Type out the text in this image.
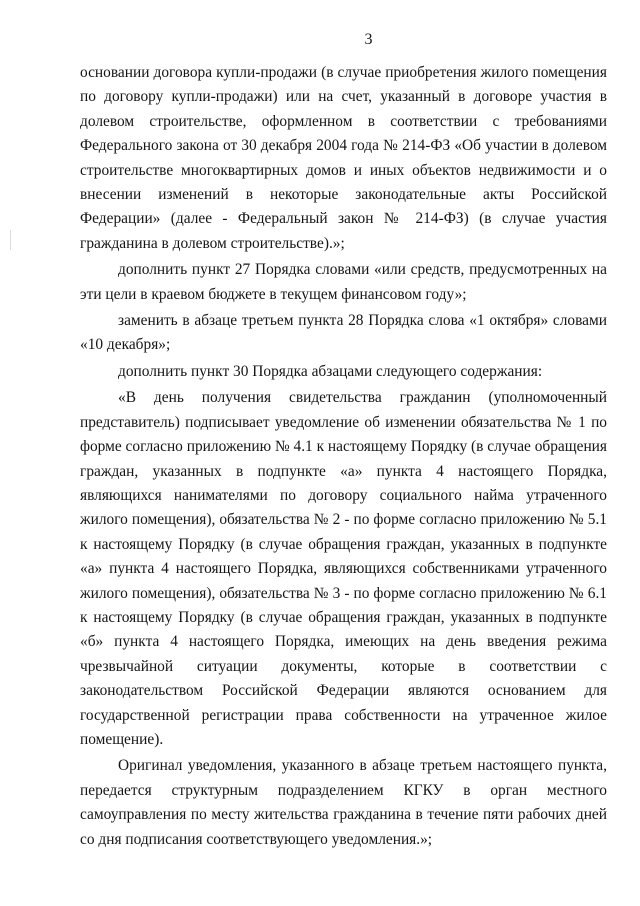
3

основании договора купли-продажи (в случае приобретения жилого помещения по договору купли-продажи) или на счет, указанный в договоре участия в долевом строительстве, оформленном в соответствии с требованиями Федерального закона от 30 декабря 2004 года № 214-ФЗ «Об участии в долевом строительстве многоквартирных домов и иных объектов недвижимости и о внесении изменений в некоторые законодательные акты Российской Федерации» (далее - Федеральный закон № 214-ФЗ) (в случае участия гражданина в долевом строительстве).»;

дополнить пункт 27 Порядка словами «или средств, предусмотренных на эти цели в краевом бюджете в текущем финансовом году»;

заменить в абзаце третьем пункта 28 Порядка слова «1 октября» словами «10 декабря»;

дополнить пункт 30 Порядка абзацами следующего содержания:

«В день получения свидетельства гражданин (уполномоченный представитель) подписывает уведомление об изменении обязательства № 1 по форме согласно приложению № 4.1 к настоящему Порядку (в случае обращения граждан, указанных в подпункте «а» пункта 4 настоящего Порядка, являющихся нанимателями по договору социального найма утраченного жилого помещения), обязательства № 2 - по форме согласно приложению № 5.1 к настоящему Порядку (в случае обращения граждан, указанных в подпункте «а» пункта 4 настоящего Порядка, являющихся собственниками утраченного жилого помещения), обязательства № 3 - по форме согласно приложению № 6.1 к настоящему Порядку (в случае обращения граждан, указанных в подпункте «б» пункта 4 настоящего Порядка, имеющих на день введения режима чрезвычайной ситуации документы, которые в соответствии с законодательством Российской Федерации являются основанием для государственной регистрации права собственности на утраченное жилое помещение).

Оригинал уведомления, указанного в абзаце третьем настоящего пункта, передается структурным подразделением КГКУ в орган местного самоуправления по месту жительства гражданина в течение пяти рабочих дней со дня подписания соответствующего уведомления.»;
